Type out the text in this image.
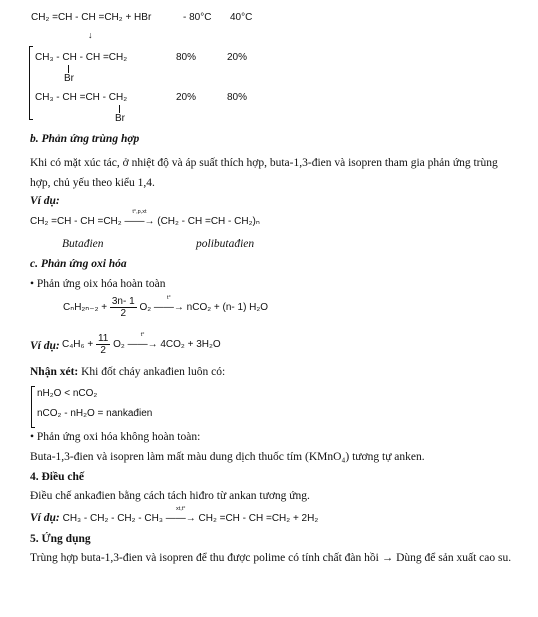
CH₂ =CH - CH =CH₂ + HBr	- 80°C 40°C
↓
CH₃ - CH - CH =CH₂
Br
80%	20%
CH₃ - CH =CH - CH₂
Br
20%	80%
b. Phản ứng trùng hợp
Khi có mặt xúc tác, ở nhiệt độ và áp suất thích hợp, buta-1,3-đien và isopren tham gia phản ứng trùng hợp, chủ yếu theo kiểu 1,4.
Ví dụ:
CH₂ =CH - CH =CH₂
t°,p,xt
——→ (CH₂ - CH =CH - CH₂)ₙ
Butađien	polibutađien
c. Phản ứng oxi hóa
• Phản ứng oix hóa hoàn toàn
$C_nH_{2n-2} + \frac{3n- 1}{2} O_2$
t°
——→ nCO₂ + (n- 1) H₂O
Ví dụ: $C_4H_6 + \frac{11}{2} O_2$
t°
——→ 4CO₂ + 3H₂O
Nhận xét: Khi đốt cháy ankađien luôn có:
nH₂O < nCO₂
nCO₂ - nH₂O = nankađien
• Phản ứng oxi hóa không hoàn toàn:
Buta-1,3-đien và isopren làm mất màu dung dịch thuốc tím (KMnO₄) tương tự anken.
4. Điều chế
Điều chế ankađien bằng cách tách hiđro từ ankan tương ứng.
Ví dụ: CH₃ - CH₂ - CH₂ - CH₃
xt,t°
——→ CH₂ =CH - CH =CH₂ + 2H₂
5. Ứng dụng
Trùng hợp buta-1,3-đien và isopren để thu được polime có tính chất đàn hồi → Dùng để sản xuất cao su.
